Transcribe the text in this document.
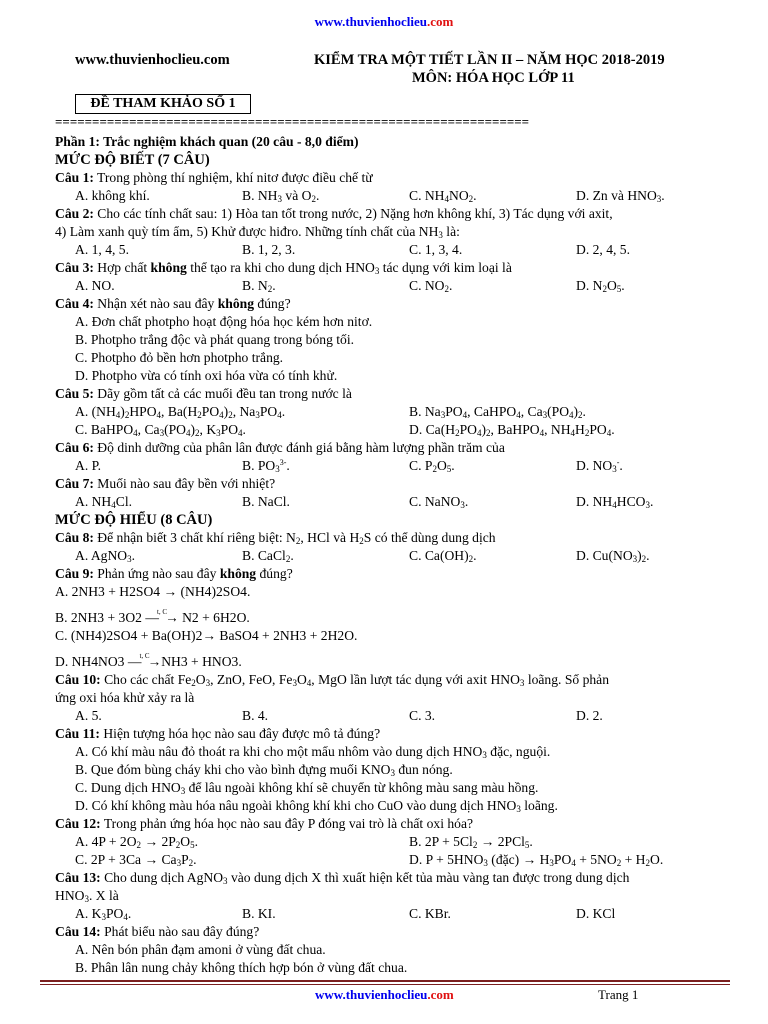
www.thuvienhoclieu.com
www.thuvienhoclieu.com	KIỂM TRA MỘT TIẾT LẦN II – NĂM HỌC 2018-2019
MÔN: HÓA HỌC LỚP 11
ĐỀ THAM KHẢO SỐ 1
================================================================
Phần 1: Trắc nghiệm khách quan (20 câu - 8,0 điểm)
MỨC ĐỘ BIẾT (7 CÂU)
Câu 1: Trong phòng thí nghiệm, khí nitơ được điều chế từ
A. không khí.	B. $NH_3$ và $O_2$.	C. $NH_4NO_2$.	D. Zn và $HNO_3$.
Câu 2: Cho các tính chất sau: 1) Hòa tan tốt trong nước, 2) Nặng hơn không khí, 3) Tác dụng với axit,
4) Làm xanh quỳ tím ẩm, 5) Khử được hiđro. Những tính chất của $NH_3$ là:
A. 1, 4, 5.	B. 1, 2, 3.	C. 1, 3, 4.	D. 2, 4, 5.
Câu 3: Hợp chất không thể tạo ra khi cho dung dịch $HNO_3$ tác dụng với kim loại là
A. NO.	B. $N_2$.	C. $NO_2$.	D. $N_2O_5$.
Câu 4: Nhận xét nào sau đây không đúng?
A. Đơn chất photpho hoạt động hóa học kém hơn nitơ.
B. Photpho trắng độc và phát quang trong bóng tối.
C. Photpho đỏ bền hơn photpho trắng.
D. Photpho vừa có tính oxi hóa vừa có tính khử.
Câu 5: Dãy gồm tất cả các muối đều tan trong nước là
A. $(NH_4)_2HPO_4$, $Ba(H_2PO_4)_2$, $Na_3PO_4$.	B. $Na_3PO_4$, CaHPO$_4$, $Ca_3(PO_4)_2$.
C. BaHPO$_4$, $Ca_3(PO_4)_2$, $K_3PO_4$.	D. $Ca(H_2PO_4)_2$, BaHPO$_4$, $NH_4H_2PO_4$.
Câu 6: Độ dinh dưỡng của phân lân được đánh giá bằng hàm lượng phần trăm của
A. P.	B. $PO_3^{3-}$.	C. $P_2O_5$.	D. $NO_3^-$.
Câu 7: Muối nào sau đây bền với nhiệt?
A. $NH_4Cl$.	B. NaCl.	C. NaNO$_3$.	D. $NH_4HCO_3$.
MỨC ĐỘ HIỂU (8 CÂU)
Câu 8: Để nhận biết 3 chất khí riêng biệt: $N_2$, HCl và $H_2S$ có thể dùng dung dịch
A. AgNO$_3$.	B. CaCl$_2$.	C. $Ca(OH)_2$.	D. $Cu(NO_3)_2$.
Câu 9: Phản ứng nào sau đây không đúng?
A. 2NH3 + H2SO4 → (NH4)2SO4.
B. 2NH3 + 3O2 —$^{t, C}$→ N2 + 6H2O.
C. (NH4)2SO4 + Ba(OH)2→ BaSO4 + 2NH3 + 2H2O.
D. NH4NO3 —$^{t, C}$→NH3 + HNO3.
Câu 10: Cho các chất $Fe_2O_3$, ZnO, FeO, $Fe_3O_4$, MgO lần lượt tác dụng với axit $HNO_3$ loãng. Số phản
ứng oxi hóa khử xảy ra là
A. 5.	B. 4.	C. 3.	D. 2.
Câu 11: Hiện tượng hóa học nào sau đây được mô tả đúng?
A. Có khí màu nâu đỏ thoát ra khi cho một mẩu nhôm vào dung dịch $HNO_3$ đặc, nguội.
B. Que đóm bùng cháy khi cho vào bình đựng muối $KNO_3$ đun nóng.
C. Dung dịch $HNO_3$ để lâu ngoài không khí sẽ chuyển từ không màu sang màu hồng.
D. Có khí không màu hóa nâu ngoài không khí khi cho CuO vào dung dịch $HNO_3$ loãng.
Câu 12: Trong phản ứng hóa học nào sau đây P đóng vai trò là chất oxi hóa?
A. $4P + 2O_2 \to 2P_2O_5$.	B. $2P + 5Cl_2 \to 2PCl_5$.
C. $2P + 3Ca \to Ca_3P_2$.	D. $P + 5HNO_3$ (đặc) → $H_3PO_4 + 5NO_2 + H_2O$.
Câu 13: Cho dung dịch AgNO$_3$ vào dung dịch X thì xuất hiện kết tủa màu vàng tan được trong dung dịch
$HNO_3$. X là
A. $K_3PO_4$.	B. KI.	C. KBr.	D. KCl
Câu 14: Phát biểu nào sau đây đúng?
A. Nên bón phân đạm amoni ở vùng đất chua.
B. Phân lân nung chảy không thích hợp bón ở vùng đất chua.
www.thuvienhoclieu.com	Trang 1
